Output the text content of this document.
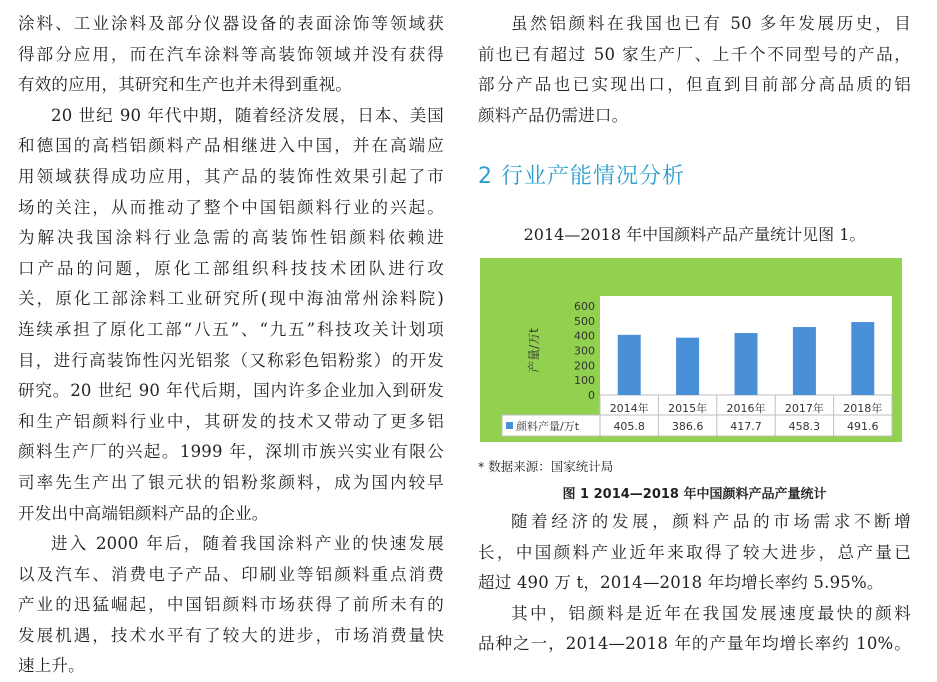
涂料、工业涂料及部分仪器设备的表面涂饰等领域获
得部分应用，而在汽车涂料等高装饰领域并没有获得
有效的应用，其研究和生产也并未得到重视。
20 世纪 90 年代中期，随着经济发展，日本、美国
和德国的高档铝颜料产品相继进入中国，并在高端应
用领域获得成功应用，其产品的装饰性效果引起了市
场的关注，从而推动了整个中国铝颜料行业的兴起。
为解决我国涂料行业急需的高装饰性铝颜料依赖进
口产品的问题，原化工部组织科技技术团队进行攻
关，原化工部涂料工业研究所(现中海油常州涂料院)
连续承担了原化工部“八五”、“九五”科技攻关计划项
目，进行高装饰性闪光铝浆（又称彩色铝粉浆）的开发
研究。20 世纪 90 年代后期，国内许多企业加入到研发
和生产铝颜料行业中，其研发的技术又带动了更多铝
颜料生产厂的兴起。1999 年，深圳市族兴实业有限公
司率先生产出了银元状的铝粉浆颜料，成为国内较早
开发出中高端铝颜料产品的企业。
进入 2000 年后，随着我国涂料产业的快速发展
以及汽车、消费电子产品、印刷业等铝颜料重点消费
产业的迅猛崛起，中国铝颜料市场获得了前所未有的
发展机遇，技术水平有了较大的进步，市场消费量快
速上升。
虽然铝颜料在我国也已有 50 多年发展历史，目
前也已有超过 50 家生产厂、上千个不同型号的产品，
部分产品也已实现出口，但直到目前部分高品质的铝
颜料产品仍需进口。
2 行业产能情况分析
2014—2018 年中国颜料产品产量统计见图 1。
0
100
200
300
400
500
600
产量/万t
2014年
405.8
2015年
386.6
2016年
417.7
2017年
458.3
2018年
491.6
颜料产量/万t
* 数据来源：国家统计局
图 1 2014—2018 年中国颜料产品产量统计
随着经济的发展，颜料产品的市场需求不断增
长，中国颜料产业近年来取得了较大进步，总产量已
超过 490 万 t，2014—2018 年均增长率约 5.95%。
其中，铝颜料是近年在我国发展速度最快的颜料
品种之一，2014—2018 年的产量年均增长率约 10%。
